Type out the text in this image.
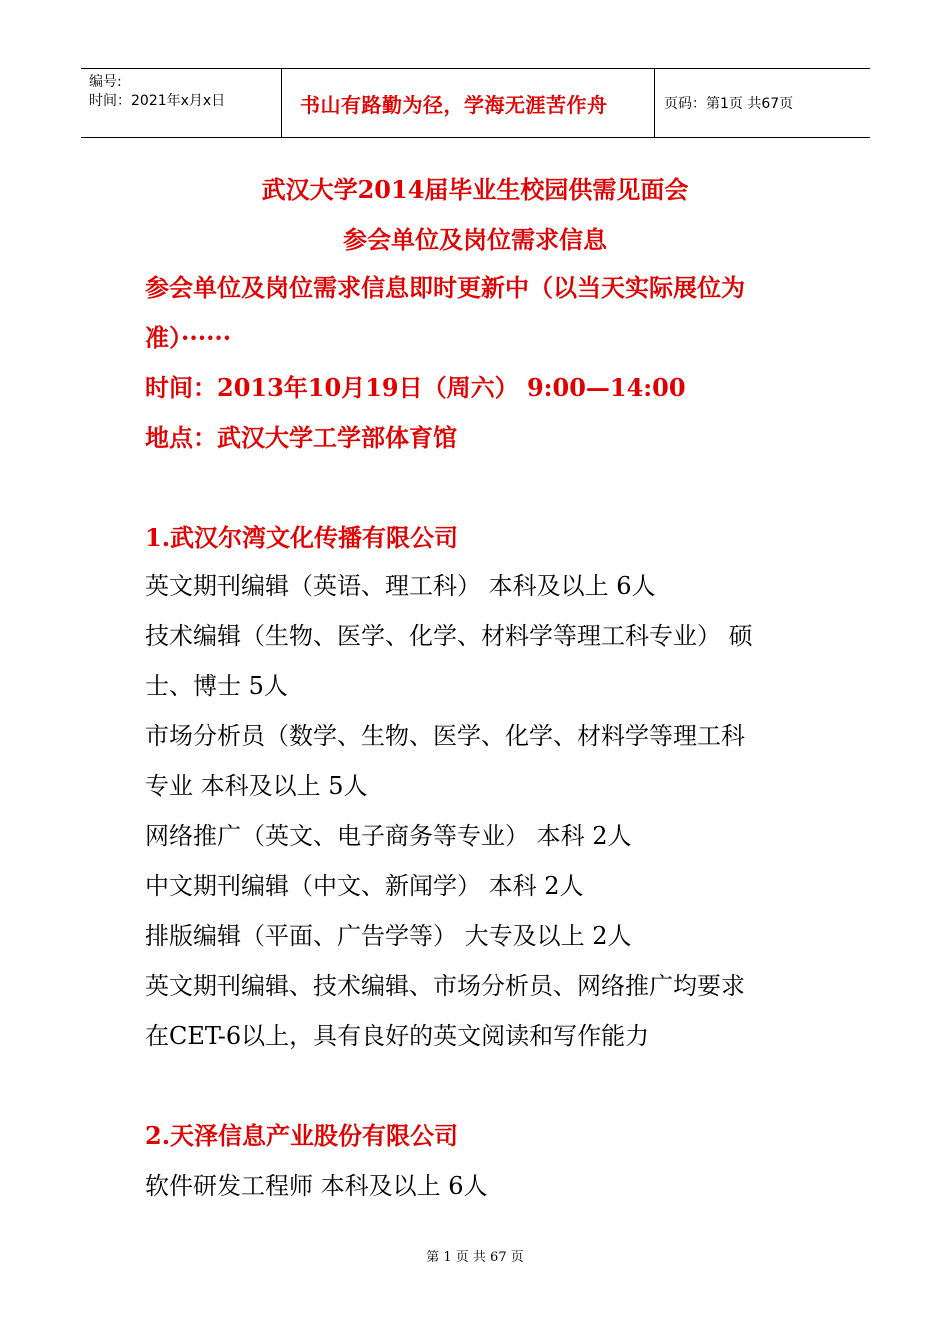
编号:
时间：2021年x月x日	书山有路勤为径，学海无涯苦作舟	页码：第1页 共67页
武汉大学2014届毕业生校园供需见面会
参会单位及岗位需求信息
参会单位及岗位需求信息即时更新中（以当天实际展位为
准）······
时间：2013年10月19日（周六） 9:00—14:00
地点：武汉大学工学部体育馆
1.武汉尔湾文化传播有限公司
英文期刊编辑（英语、理工科） 本科及以上 6人
技术编辑（生物、医学、化学、材料学等理工科专业） 硕
士、博士 5人
市场分析员（数学、生物、医学、化学、材料学等理工科
专业 本科及以上 5人
网络推广（英文、电子商务等专业） 本科 2人
中文期刊编辑（中文、新闻学） 本科 2人
排版编辑（平面、广告学等） 大专及以上 2人
英文期刊编辑、技术编辑、市场分析员、网络推广均要求
在CET-6以上，具有良好的英文阅读和写作能力
2.天泽信息产业股份有限公司
软件研发工程师 本科及以上 6人
第 1 页 共 67 页
